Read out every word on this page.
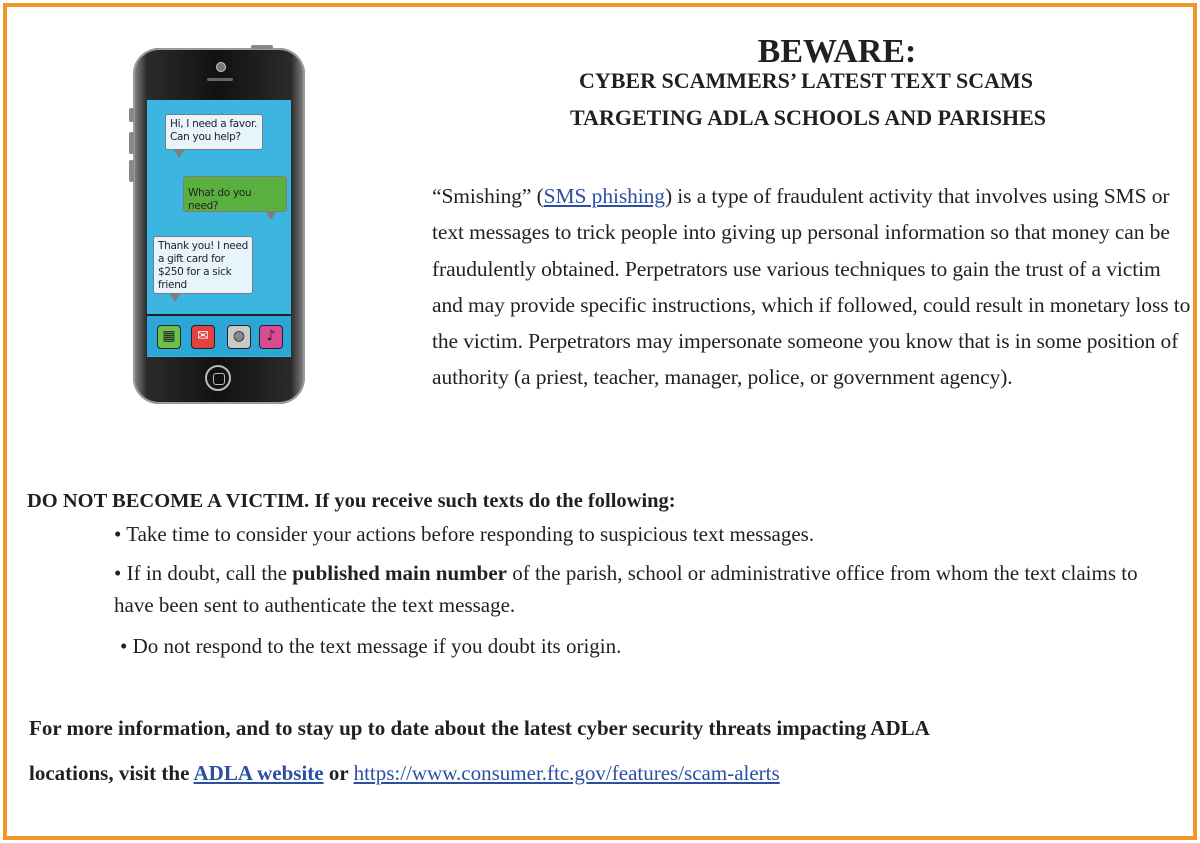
Hi, I need a favor. Can you help?
What do you need?
Thank you! I need a gift card for $250 for a sick friend
▦	✉	◍	♪
BEWARE:
CYBER SCAMMERS’ LATEST TEXT SCAMS
TARGETING ADLA SCHOOLS AND PARISHES
“Smishing” (SMS phishing) is a type of fraudulent activity that involves using SMS or text messages to trick people into giving up personal information so that money can be fraudulently obtained. Perpetrators use various techniques to gain the trust of a victim and may provide specific instructions, which if followed, could result in monetary loss to the victim. Perpetrators may impersonate someone you know that is in some position of authority (a priest, teacher, manager, police, or government agency).
DO NOT BECOME A VICTIM. If you receive such texts do the following:
• Take time to consider your actions before responding to suspicious text messages.
• If in doubt, call the published main number of the parish, school or administrative office from whom the text claims to have been sent to authenticate the text message.
• Do not respond to the text message if you doubt its origin.
For more information, and to stay up to date about the latest cyber security threats impacting ADLA
locations, visit the ADLA website or https://www.consumer.ftc.gov/features/scam-alerts
